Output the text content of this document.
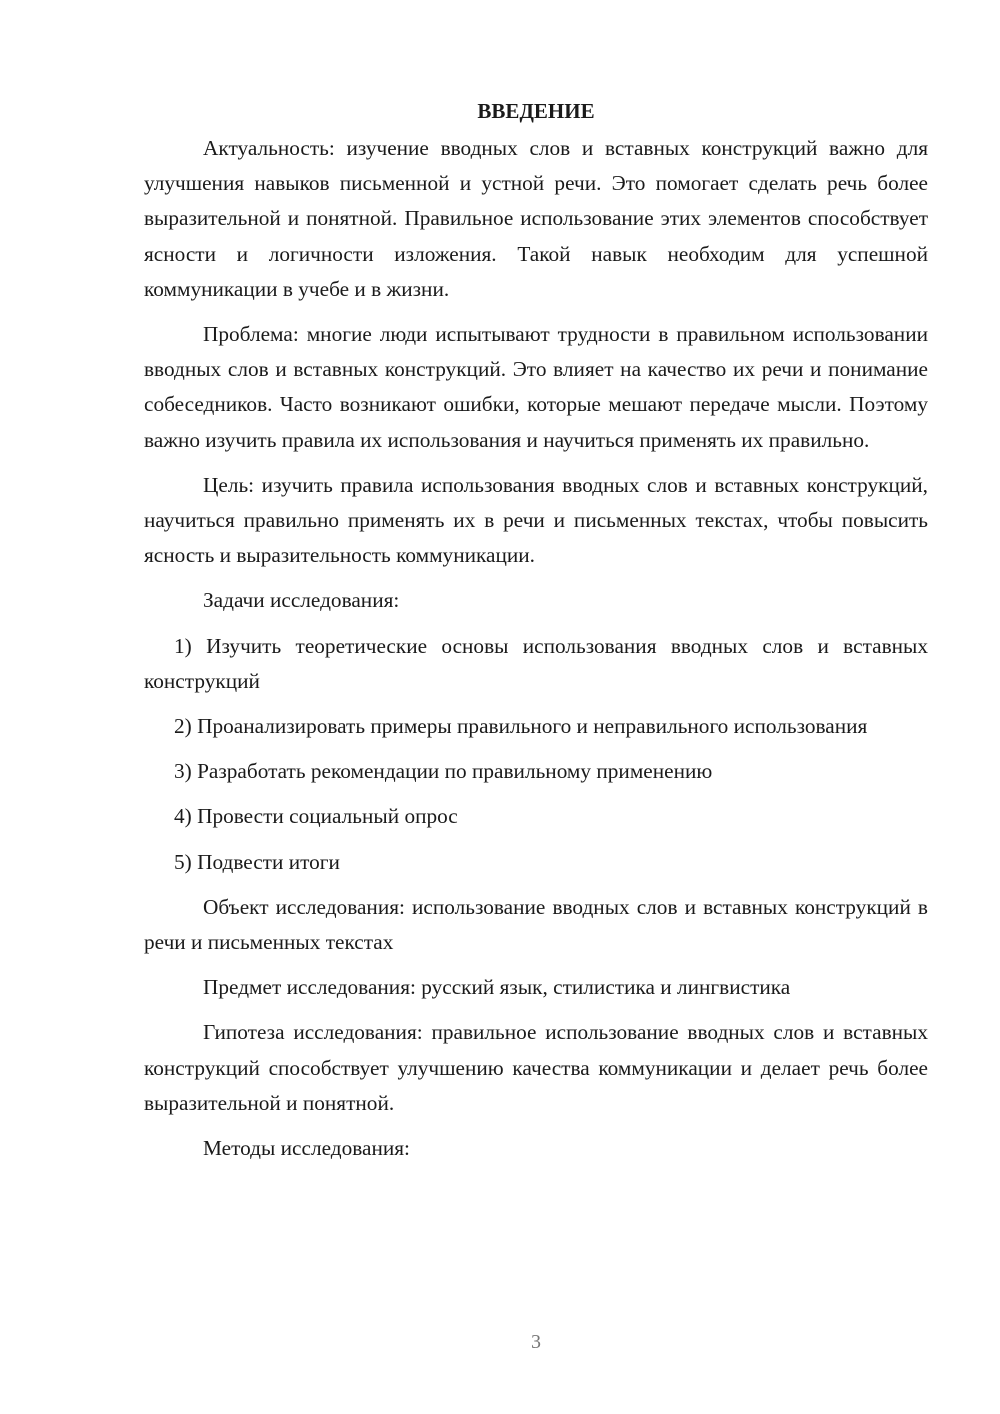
ВВЕДЕНИЕ

Актуальность: изучение вводных слов и вставных конструкций важно для улучшения навыков письменной и устной речи. Это помогает сделать речь более выразительной и понятной. Правильное использование этих элементов способствует ясности и логичности изложения. Такой навык необходим для успешной коммуникации в учебе и в жизни.

Проблема: многие люди испытывают трудности в правильном использовании вводных слов и вставных конструкций. Это влияет на качество их речи и понимание собеседников. Часто возникают ошибки, которые мешают передаче мысли. Поэтому важно изучить правила их использования и научиться применять их правильно.

Цель: изучить правила использования вводных слов и вставных конструкций, научиться правильно применять их в речи и письменных текстах, чтобы повысить ясность и выразительность коммуникации.

Задачи исследования:

1) Изучить теоретические основы использования вводных слов и вставных конструкций

2) Проанализировать примеры правильного и неправильного использования

3) Разработать рекомендации по правильному применению

4) Провести социальный опрос

5) Подвести итоги

Объект исследования: использование вводных слов и вставных конструкций в речи и письменных текстах

Предмет исследования: русский язык, стилистика и лингвистика

Гипотеза исследования: правильное использование вводных слов и вставных конструкций способствует улучшению качества коммуникации и делает речь более выразительной и понятной.

Методы исследования:

3
